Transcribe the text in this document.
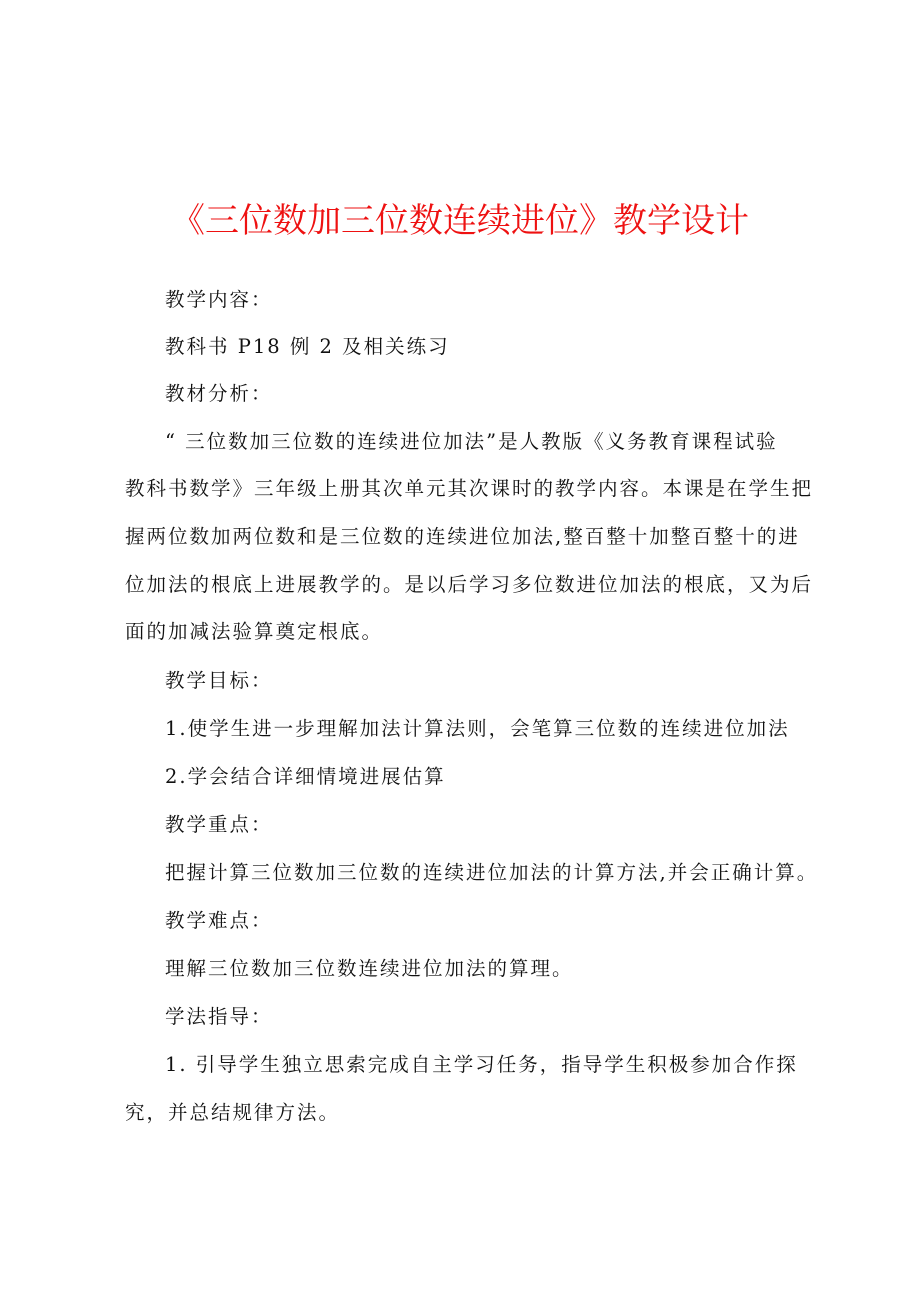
《三位数加三位数连续进位》教学设计

教学内容：

教科书 P18 例 2 及相关练习

教材分析：

“ 三位数加三位数的连续进位加法”是人教版《义务教育课程试验

教科书数学》三年级上册其次单元其次课时的教学内容。本课是在学生把

握两位数加两位数和是三位数的连续进位加法,整百整十加整百整十的进

位加法的根底上进展教学的。是以后学习多位数进位加法的根底，又为后

面的加减法验算奠定根底。

教学目标：

1.使学生进一步理解加法计算法则，会笔算三位数的连续进位加法

2.学会结合详细情境进展估算

教学重点：

把握计算三位数加三位数的连续进位加法的计算方法,并会正确计算。

教学难点：

理解三位数加三位数连续进位加法的算理。

学法指导：

1. 引导学生独立思索完成自主学习任务，指导学生积极参加合作探

究，并总结规律方法。
